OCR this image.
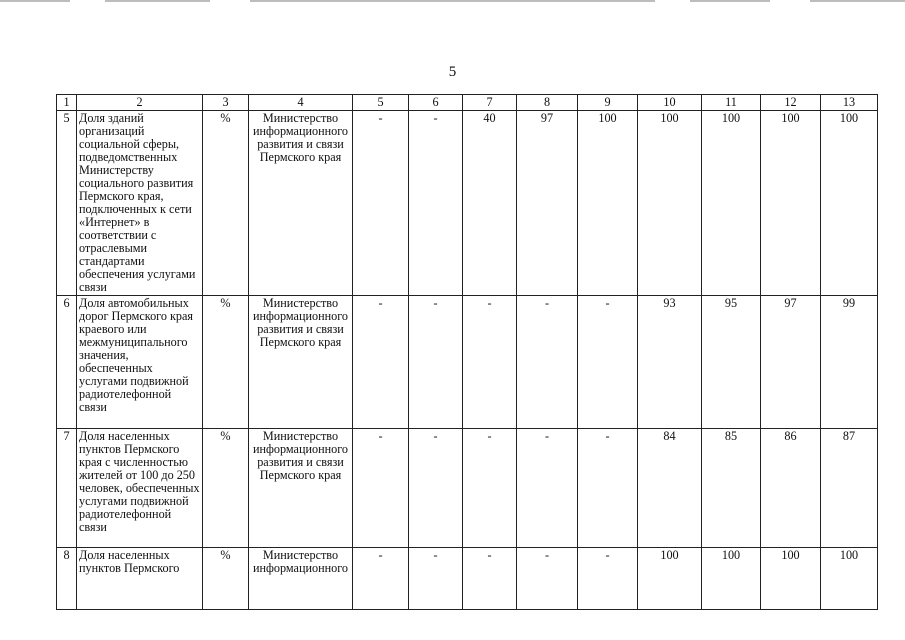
5
1	2	3	4	5	6	7	8	9	10	11	12	13
5	Доля зданий организаций социальной сферы, подведомственных Министерству социального развития Пермского края, подключенных к сети «Интернет» в соответствии с отраслевыми стандартами обеспечения услугами связи	%	Министерство информационного развития и связи Пермского края	-	-	40	97	100	100	100	100	100
6	Доля автомобильных дорог Пермского края краевого или межмуниципального значения, обеспеченных услугами подвижной радиотелефонной связи	%	Министерство информационного развития и связи Пермского края	-	-	-	-	-	93	95	97	99
7	Доля населенных пунктов Пермского края с численностью жителей от 100 до 250 человек, обеспеченных услугами подвижной радиотелефонной связи	%	Министерство информационного развития и связи Пермского края	-	-	-	-	-	84	85	86	87
8	Доля населенных пунктов Пермского	%	Министерство информационного	-	-	-	-	-	100	100	100	100
